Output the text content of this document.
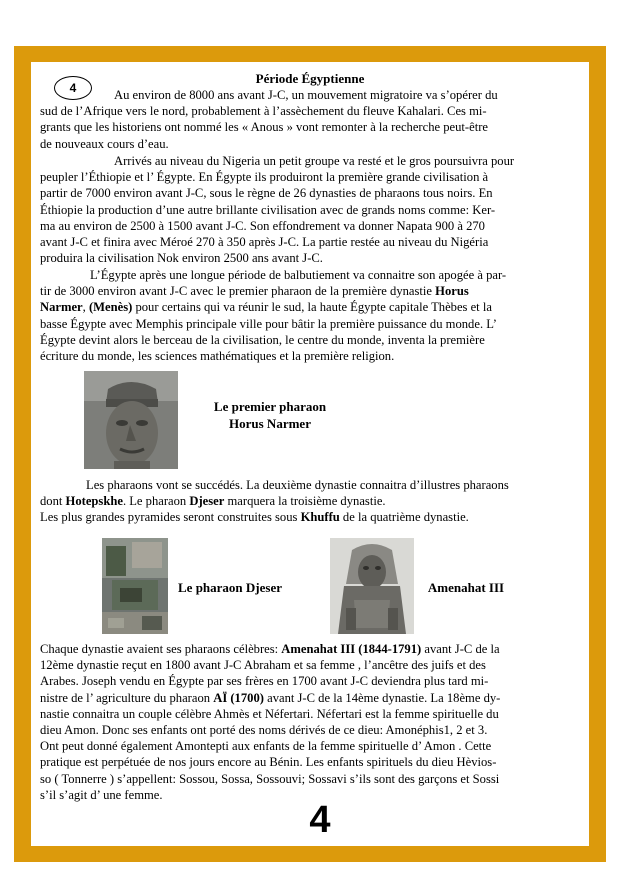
4
Période Égyptienne
Au environ de 8000 ans avant J-C, un mouvement migratoire va s’opérer du
sud de l’Afrique vers le nord, probablement à l’assèchement du fleuve Kahalari. Ces mi-
grants que les historiens ont nommé les « Anous » vont remonter à la recherche peut-être
de nouveaux cours d’eau.
Arrivés au niveau du Nigeria un petit groupe va resté et le gros poursuivra pour
peupler l’Éthiopie et l’ Égypte. En Égypte ils produiront la première grande civilisation à
partir de 7000 environ avant J-C, sous le règne de 26 dynasties de pharaons tous noirs. En
Éthiopie la production d’une autre brillante civilisation avec de grands noms comme: Ker-
ma au environ de 2500 à 1500 avant J-C. Son effondrement va donner Napata 900 à 270
avant J-C et finira avec Méroé 270 à 350 après J-C. La partie restée au niveau du Nigéria
produira la civilisation Nok environ 2500 ans avant J-C.
L’Égypte après une longue période de balbutiement va connaitre son apogée à par-
tir de 3000 environ avant J-C avec le premier pharaon de la première dynastie Horus
Narmer, (Menès) pour certains qui va réunir le sud, la haute Égypte capitale Thèbes et la
basse Égypte avec Memphis principale ville pour bâtir la première puissance du monde. L’
Égypte devint alors le berceau de la civilisation, le centre du monde, inventa la première
écriture du monde, les sciences mathématiques et la première religion.
Le premier pharaon
Horus Narmer
Les pharaons vont se succédés. La deuxième dynastie connaitra d’illustres pharaons
dont Hotepskhe. Le pharaon Djeser marquera la troisième dynastie.
Les plus grandes pyramides seront construites sous Khuffu de la quatrième dynastie.
Le pharaon Djeser	Amenahat III
Chaque dynastie avaient ses pharaons célèbres: Amenahat III (1844-1791) avant J-C de la
12ème dynastie reçut en 1800 avant J-C Abraham et sa femme , l’ancêtre des juifs et des
Arabes. Joseph vendu en Égypte par ses frères en 1700 avant J-C deviendra plus tard mi-
nistre de l’ agriculture du pharaon AÏ (1700) avant J-C de la 14ème dynastie. La 18ème dy-
nastie connaitra un couple célèbre Ahmès et Néfertari. Néfertari est la femme spirituelle du
dieu Amon. Donc ses enfants ont porté des noms dérivés de ce dieu: Amonéphis1, 2 et 3.
Ont peut donné également Amontepti aux enfants de la femme spirituelle d’ Amon . Cette
pratique est perpétuée de nos jours encore au Bénin. Les enfants spirituels du dieu Hèvios-
so ( Tonnerre ) s’appellent: Sossou, Sossa, Sossouvi; Sossavi s’ils sont des garçons et Sossi
s’il s’agit d’ une femme.
4
